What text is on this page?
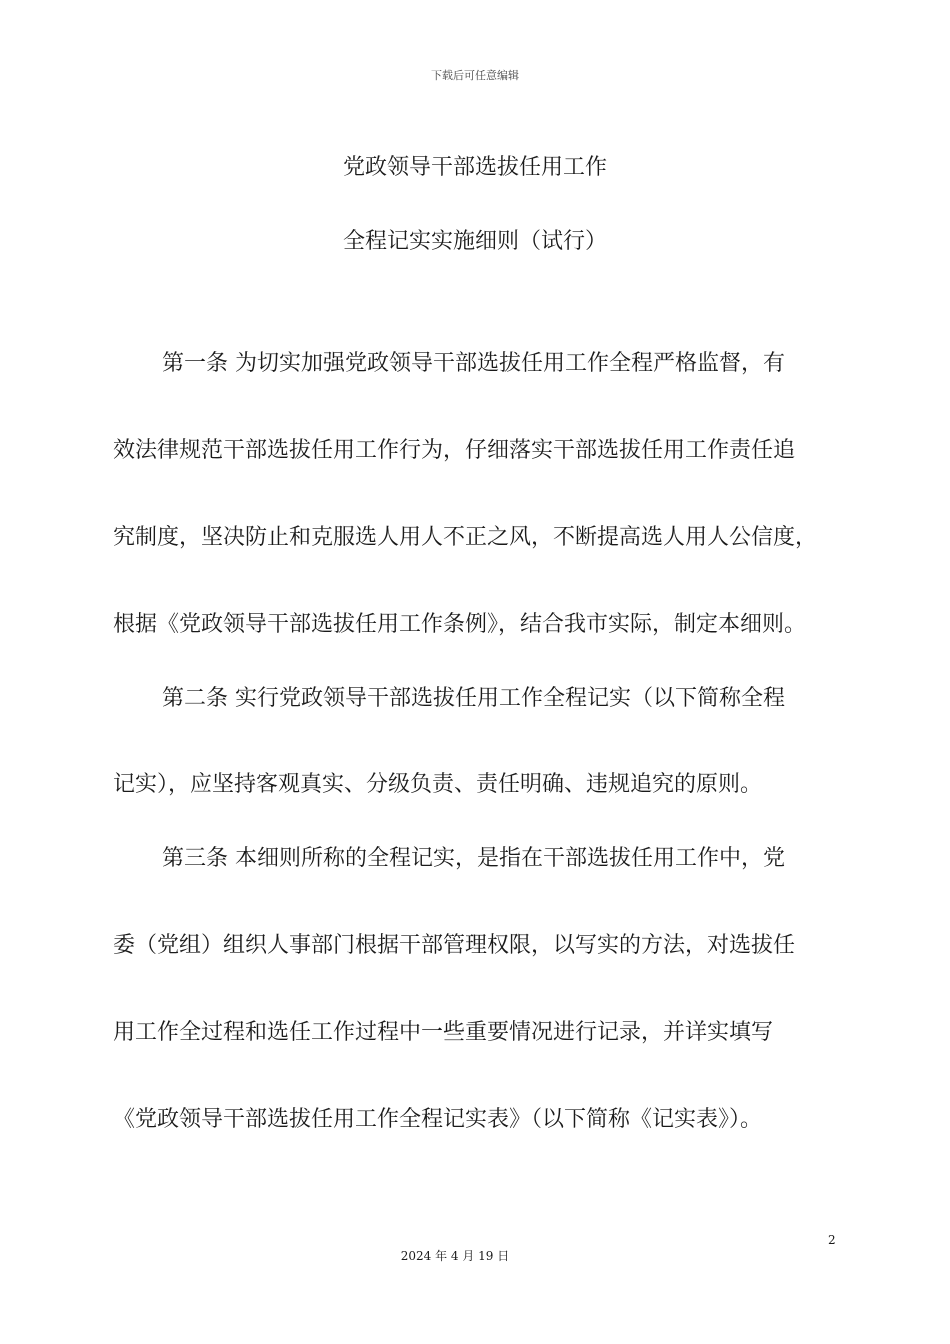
下载后可任意编辑
党政领导干部选拔任用工作
全程记实实施细则（试行）
第一条 为切实加强党政领导干部选拔任用工作全程严格监督，有
效法律规范干部选拔任用工作行为，仔细落实干部选拔任用工作责任追
究制度，坚决防止和克服选人用人不正之风，不断提高选人用人公信度，
根据《党政领导干部选拔任用工作条例》，结合我市实际，制定本细则。
第二条 实行党政领导干部选拔任用工作全程记实（以下简称全程
记实），应坚持客观真实、分级负责、责任明确、违规追究的原则。
第三条 本细则所称的全程记实，是指在干部选拔任用工作中，党
委（党组）组织人事部门根据干部管理权限，以写实的方法，对选拔任
用工作全过程和选任工作过程中一些重要情况进行记录，并详实填写
《党政领导干部选拔任用工作全程记实表》（以下简称《记实表》）。
2
2024 年 4 月 19 日
